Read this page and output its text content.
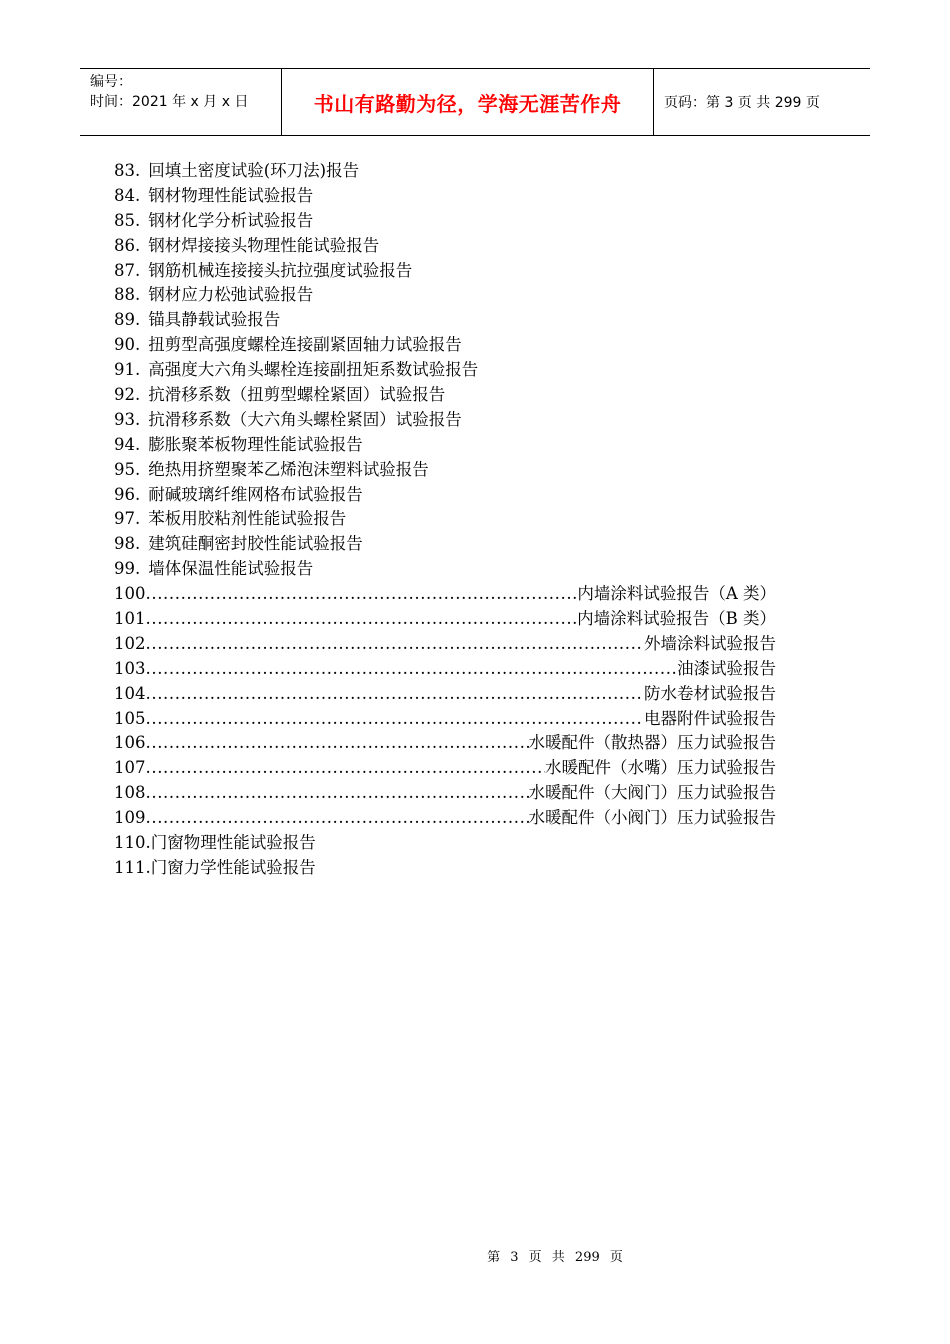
编号：
时间：2021 年 x 月 x 日	书山有路勤为径，学海无涯苦作舟	页码：第 3 页 共 299 页
83. 回填土密度试验(环刀法)报告
84. 钢材物理性能试验报告
85. 钢材化学分析试验报告
86. 钢材焊接接头物理性能试验报告
87. 钢筋机械连接接头抗拉强度试验报告
88. 钢材应力松弛试验报告
89. 锚具静载试验报告
90. 扭剪型高强度螺栓连接副紧固轴力试验报告
91. 高强度大六角头螺栓连接副扭矩系数试验报告
92. 抗滑移系数（扭剪型螺栓紧固）试验报告
93. 抗滑移系数（大六角头螺栓紧固）试验报告
94. 膨胀聚苯板物理性能试验报告
95. 绝热用挤塑聚苯乙烯泡沫塑料试验报告
96. 耐碱玻璃纤维网格布试验报告
97. 苯板用胶粘剂性能试验报告
98. 建筑硅酮密封胶性能试验报告
99. 墙体保温性能试验报告
100 .....	内墙涂料试验报告（A 类）
101 .....	内墙涂料试验报告（B 类）
102 .....	外墙涂料试验报告
103 .....	油漆试验报告
104 .....	防水卷材试验报告
105 .....	电器附件试验报告
106 .....	水暖配件（散热器）压力试验报告
107 .....	水暖配件（水嘴）压力试验报告
108 .....	水暖配件（大阀门）压力试验报告
109 .....	水暖配件（小阀门）压力试验报告
110.门窗物理性能试验报告
111.门窗力学性能试验报告
第 3 页 共 299 页
